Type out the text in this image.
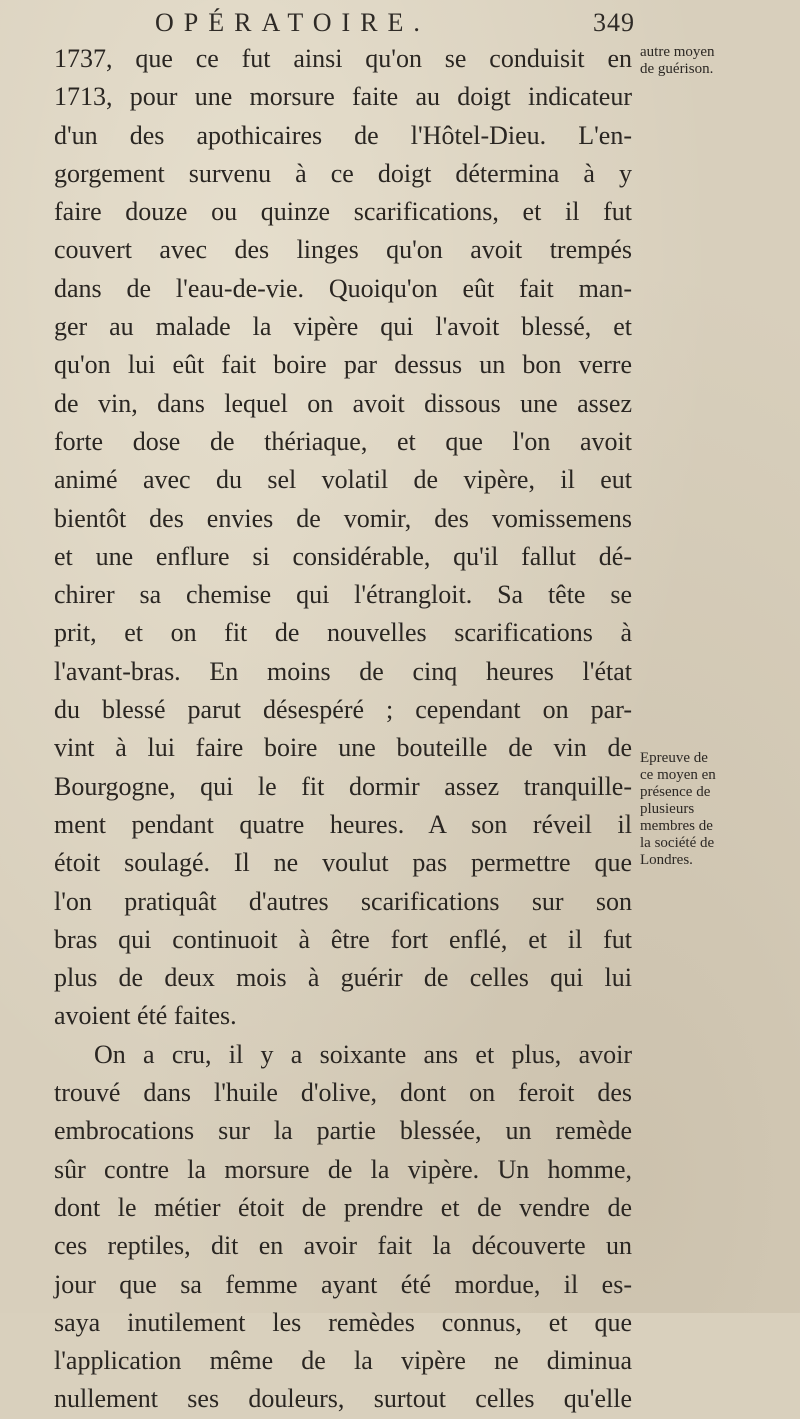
OPÉRATOIRE.	349
1737, que ce fut ainsi qu'on se conduisit en
1713, pour une morsure faite au doigt indicateur
d'un des apothicaires de l'Hôtel-Dieu. L'en-
gorgement survenu à ce doigt détermina à y
faire douze ou quinze scarifications, et il fut
couvert avec des linges qu'on avoit trempés
dans de l'eau-de-vie. Quoiqu'on eût fait man-
ger au malade la vipère qui l'avoit blessé, et
qu'on lui eût fait boire par dessus un bon verre
de vin, dans lequel on avoit dissous une assez
forte dose de thériaque, et que l'on avoit
animé avec du sel volatil de vipère, il eut
bientôt des envies de vomir, des vomissemens
et une enflure si considérable, qu'il fallut dé-
chirer sa chemise qui l'étrangloit. Sa tête se
prit, et on fit de nouvelles scarifications à
l'avant-bras. En moins de cinq heures l'état
du blessé parut désespéré ; cependant on par-
vint à lui faire boire une bouteille de vin de
Bourgogne, qui le fit dormir assez tranquille-
ment pendant quatre heures. A son réveil il
étoit soulagé. Il ne voulut pas permettre que
l'on pratiquât d'autres scarifications sur son
bras qui continuoit à être fort enflé, et il fut
plus de deux mois à guérir de celles qui lui
avoient été faites.
On a cru, il y a soixante ans et plus, avoir
trouvé dans l'huile d'olive, dont on feroit des
embrocations sur la partie blessée, un remède
sûr contre la morsure de la vipère. Un homme,
dont le métier étoit de prendre et de vendre de
ces reptiles, dit en avoir fait la découverte un
jour que sa femme ayant été mordue, il es-
saya inutilement les remèdes connus, et que
l'application même de la vipère ne diminua
nullement ses douleurs, surtout celles qu'elle
autre moyen
de guérison.
Epreuve de
ce moyen en
présence de
plusieurs
membres de
la société de
Londres.
